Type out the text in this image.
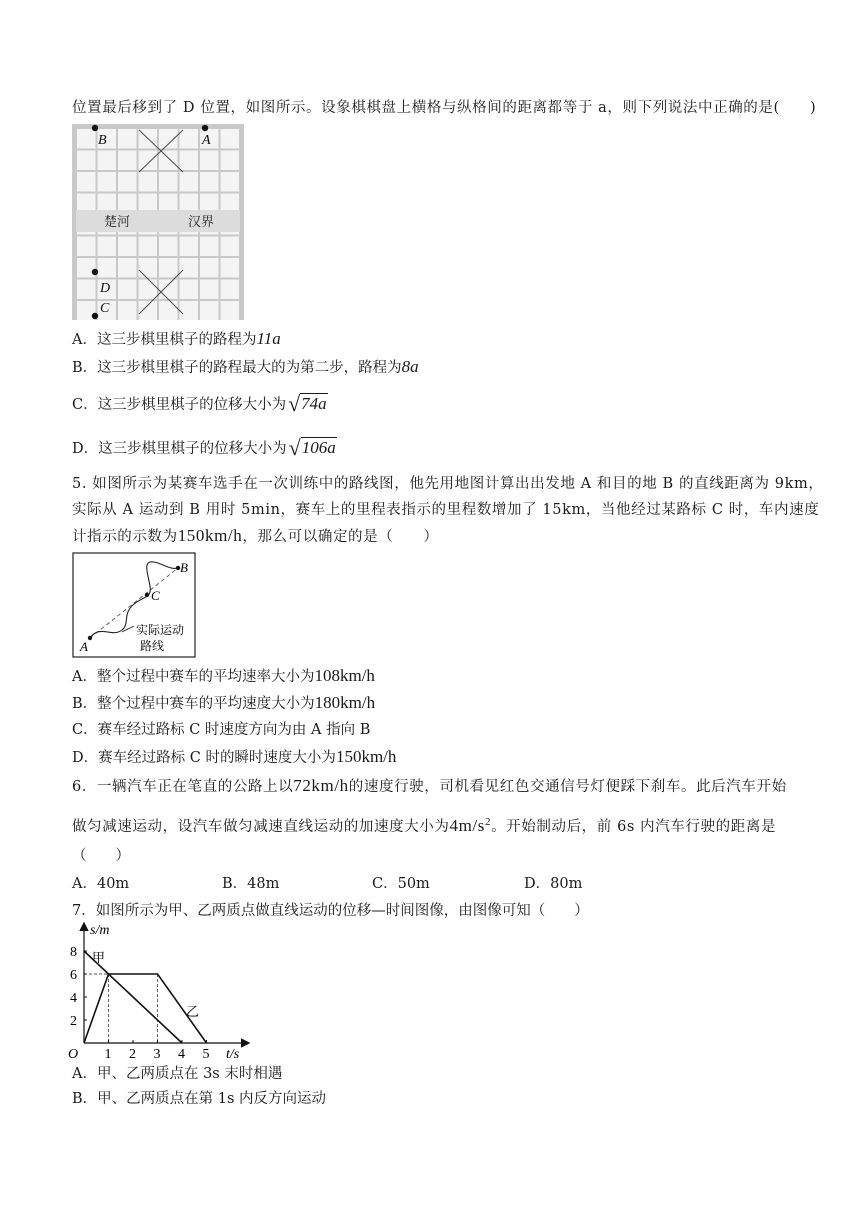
位置最后移到了 D 位置，如图所示。设象棋棋盘上横格与纵格间的距离都等于 a，则下列说法中正确的是(　　)
楚河	汉界
B	A
D
C
A．这三步棋里棋子的路程为11a
B．这三步棋里棋子的路程最大的为第二步，路程为8a
C．这三步棋里棋子的位移大小为√74a
D．这三步棋里棋子的位移大小为√106a
5. 如图所示为某赛车选手在一次训练中的路线图，他先用地图计算出出发地 A 和目的地 B 的直线距离为 9km，
实际从 A 运动到 B 用时 5min，赛车上的里程表指示的里程数增加了 15km，当他经过某路标 C 时，车内速度
计指示的示数为150km/h，那么可以确定的是（　　）
A
B
C
实际运动
路线
A．整个过程中赛车的平均速率大小为108km/h
B．整个过程中赛车的平均速度大小为180km/h
C．赛车经过路标 C 时速度方向为由 A 指向 B
D．赛车经过路标 C 时的瞬时速度大小为150km/h
6．一辆汽车正在笔直的公路上以72km/h的速度行驶，司机看见红色交通信号灯便踩下刹车。此后汽车开始
做匀减速运动，设汽车做匀减速直线运动的加速度大小为$4m/s^2$。开始制动后，前 6s 内汽车行驶的距离是
（　　）
A．40m	B．48m	C．50m	D．80m
7．如图所示为甲、乙两质点做直线运动的位移—时间图像，由图像可知（　　）
8
6
4
2
1 2 3 4 5
s/m
t/s
O
甲
乙
A．甲、乙两质点在 3s 末时相遇
B．甲、乙两质点在第 1s 内反方向运动
